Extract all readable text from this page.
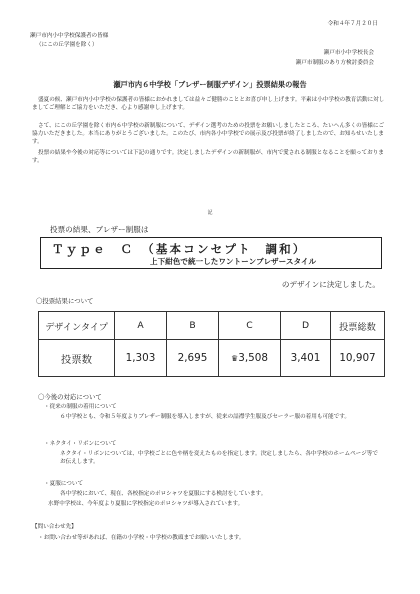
令和４年７月２０日
瀬戸市内小中学校保護者の皆様
（にこの丘学園を除く）
瀬戸市小中学校長会
瀬戸市制服のあり方検討委員会
瀬戸市内６中学校「ブレザー制服デザイン」投票結果の報告
盛夏の候、瀬戸市内小中学校の保護者の皆様におかれましては益々ご健勝のこととお喜び申し上げます。平素は小中学校の教育活動に対しましてご理解とご協力をいただき、心より感謝申し上げます。
さて、にこの丘学園を除く市内６中学校の新制服について、デザイン選考のための投票をお願いしましたところ、たいへん多くの皆様にご協力いただきました。本当にありがとうございました。このたび、市内各小中学校での展示及び投票が終了しましたので、お知らせいたします。
投票の結果や今後の対応等については下記の通りです。決定しましたデザインの新制服が、市内で愛される制服となることを願っております。
記
投票の結果、ブレザー制服は
Ｔｙｐｅ　Ｃ　（基本コンセプト　調和）
上下紺色で統一したワントーンブレザースタイル
のデザインに決定しました。
〇投票結果について
デザインタイプ	A	B	C	D	投票総数
投票数	1,303	2,695	♛3,508	3,401	10,907
〇今後の対応について
・従来の制服の着用について
６中学校とも、令和５年度よりブレザー制服を導入しますが、従来の詰襟学生服及びセーラー服の着用も可能です。
・ネクタイ・リボンについて
ネクタイ・リボンについては、中学校ごとに色や柄を変えたものを指定します。決定しましたら、各中学校のホームページ等でお伝えします。
・夏服について
各中学校において、現在、各校指定のポロシャツを夏服にする検討をしています。
水野中学校は、今年度より夏服に学校指定のポロシャツが導入されています。
【問い合わせ先】
・お問い合わせ等があれば、在籍の小学校・中学校の教頭までお願いいたします。
